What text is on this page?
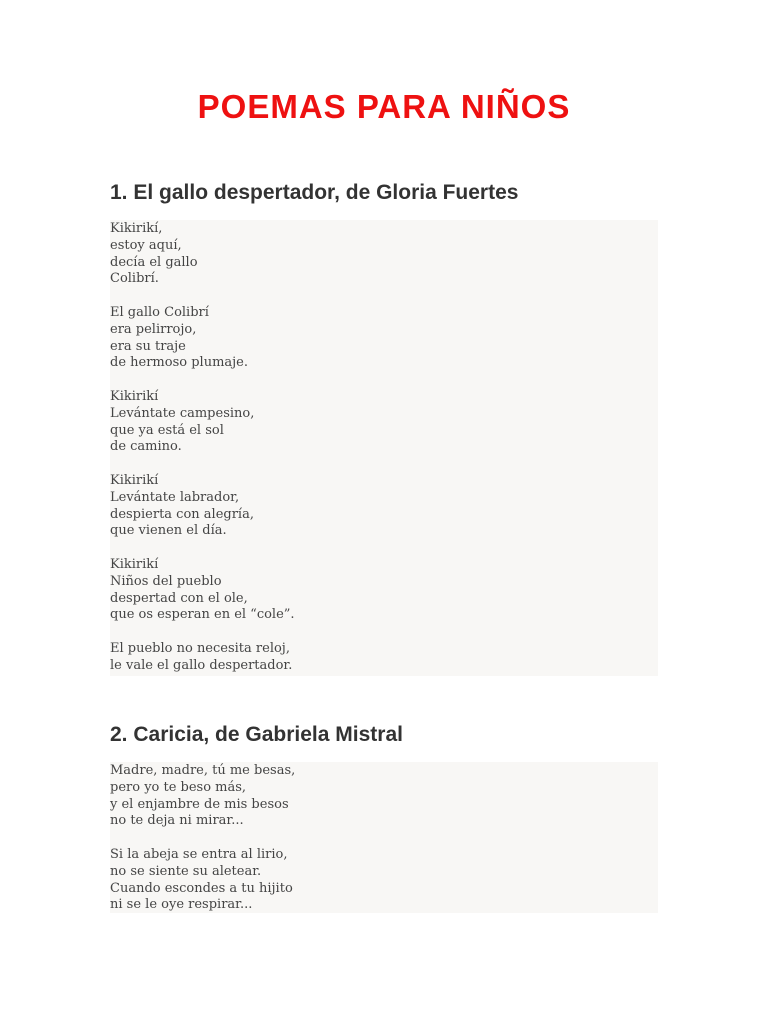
POEMAS PARA NIÑOS
1. El gallo despertador, de Gloria Fuertes

Kikirikí,
estoy aquí,
decía el gallo
Colibrí.

El gallo Colibrí
era pelirrojo,
era su traje
de hermoso plumaje.

Kikirikí
Levántate campesino,
que ya está el sol
de camino.

Kikirikí
Levántate labrador,
despierta con alegría,
que vienen el día.

Kikirikí
Niños del pueblo
despertad con el ole,
que os esperan en el “cole”.

El pueblo no necesita reloj,
le vale el gallo despertador.

2. Caricia, de Gabriela Mistral

Madre, madre, tú me besas,
pero yo te beso más,
y el enjambre de mis besos
no te deja ni mirar...

Si la abeja se entra al lirio,
no se siente su aletear.
Cuando escondes a tu hijito
ni se le oye respirar...
